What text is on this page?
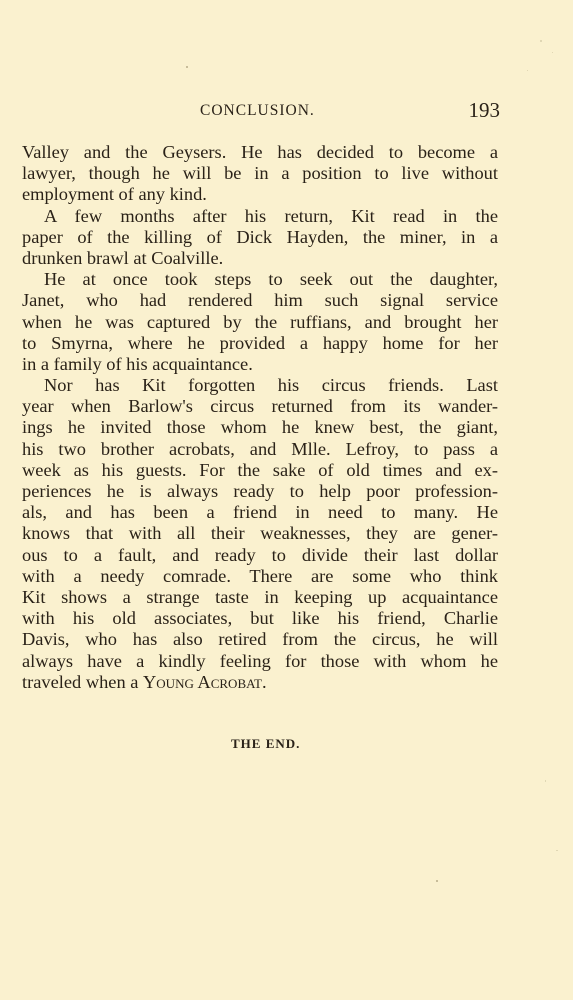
CONCLUSION.	193
Valley and the Geysers. He has decided to become a
lawyer, though he will be in a position to live without
employment of any kind.
A few months after his return, Kit read in the
paper of the killing of Dick Hayden, the miner, in a
drunken brawl at Coalville.
He at once took steps to seek out the daughter,
Janet, who had rendered him such signal service
when he was captured by the ruffians, and brought her
to Smyrna, where he provided a happy home for her
in a family of his acquaintance.
Nor has Kit forgotten his circus friends. Last
year when Barlow's circus returned from its wander-
ings he invited those whom he knew best, the giant,
his two brother acrobats, and Mlle. Lefroy, to pass a
week as his guests. For the sake of old times and ex-
periences he is always ready to help poor profession-
als, and has been a friend in need to many. He
knows that with all their weaknesses, they are gener-
ous to a fault, and ready to divide their last dollar
with a needy comrade. There are some who think
Kit shows a strange taste in keeping up acquaintance
with his old associates, but like his friend, Charlie
Davis, who has also retired from the circus, he will
always have a kindly feeling for those with whom he
traveled when a Young Acrobat.
THE END.
